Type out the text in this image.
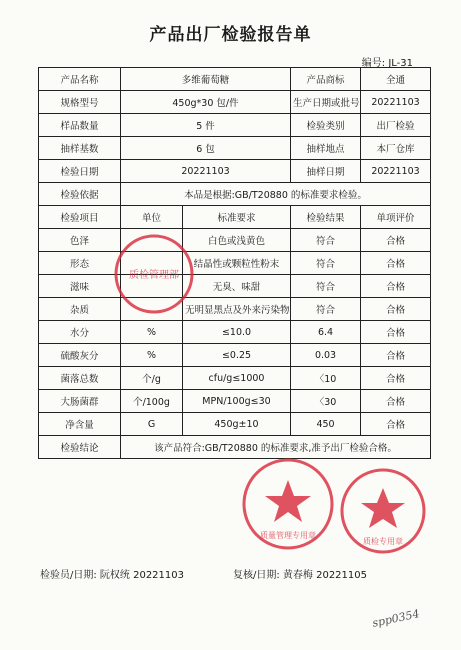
产品出厂检验报告单
编号: JL-31
产品名称	多维葡萄糖		产品商标	全通
规格型号	450g*30 包/件		生产日期或批号	20221103
样品数量	5 件		检验类别	出厂检验
抽样基数	6 包		抽样地点	本厂仓库
检验日期	20221103		抽样日期	20221103
检验依据	本品是根据:GB/T20880 的标准要求检验。			
检验项目	单位	标准要求	检验结果	单项评价
色泽		白色或浅黄色	符合	合格
形态		结晶性或颗粒性粉末	符合	合格
滋味		无臭、味甜	符合	合格
杂质		无明显黑点及外来污染物	符合	合格
水分	%	≤10.0	6.4	合格
硫酸灰分	%	≤0.25	0.03	合格
菌落总数	个/g	cfu/g≤1000	〈10	合格
大肠菌群	个/100g	MPN/100g≤30	〈30	合格
净含量	G	450g±10	450	合格
检验结论	该产品符合:GB/T20880 的标准要求,准予出厂检验合格。			
检验员/日期: 阮权统 20221103	复核/日期: 黄春梅 20221105
质检管理部
质量管理专用章
质检专用章
spp0354
